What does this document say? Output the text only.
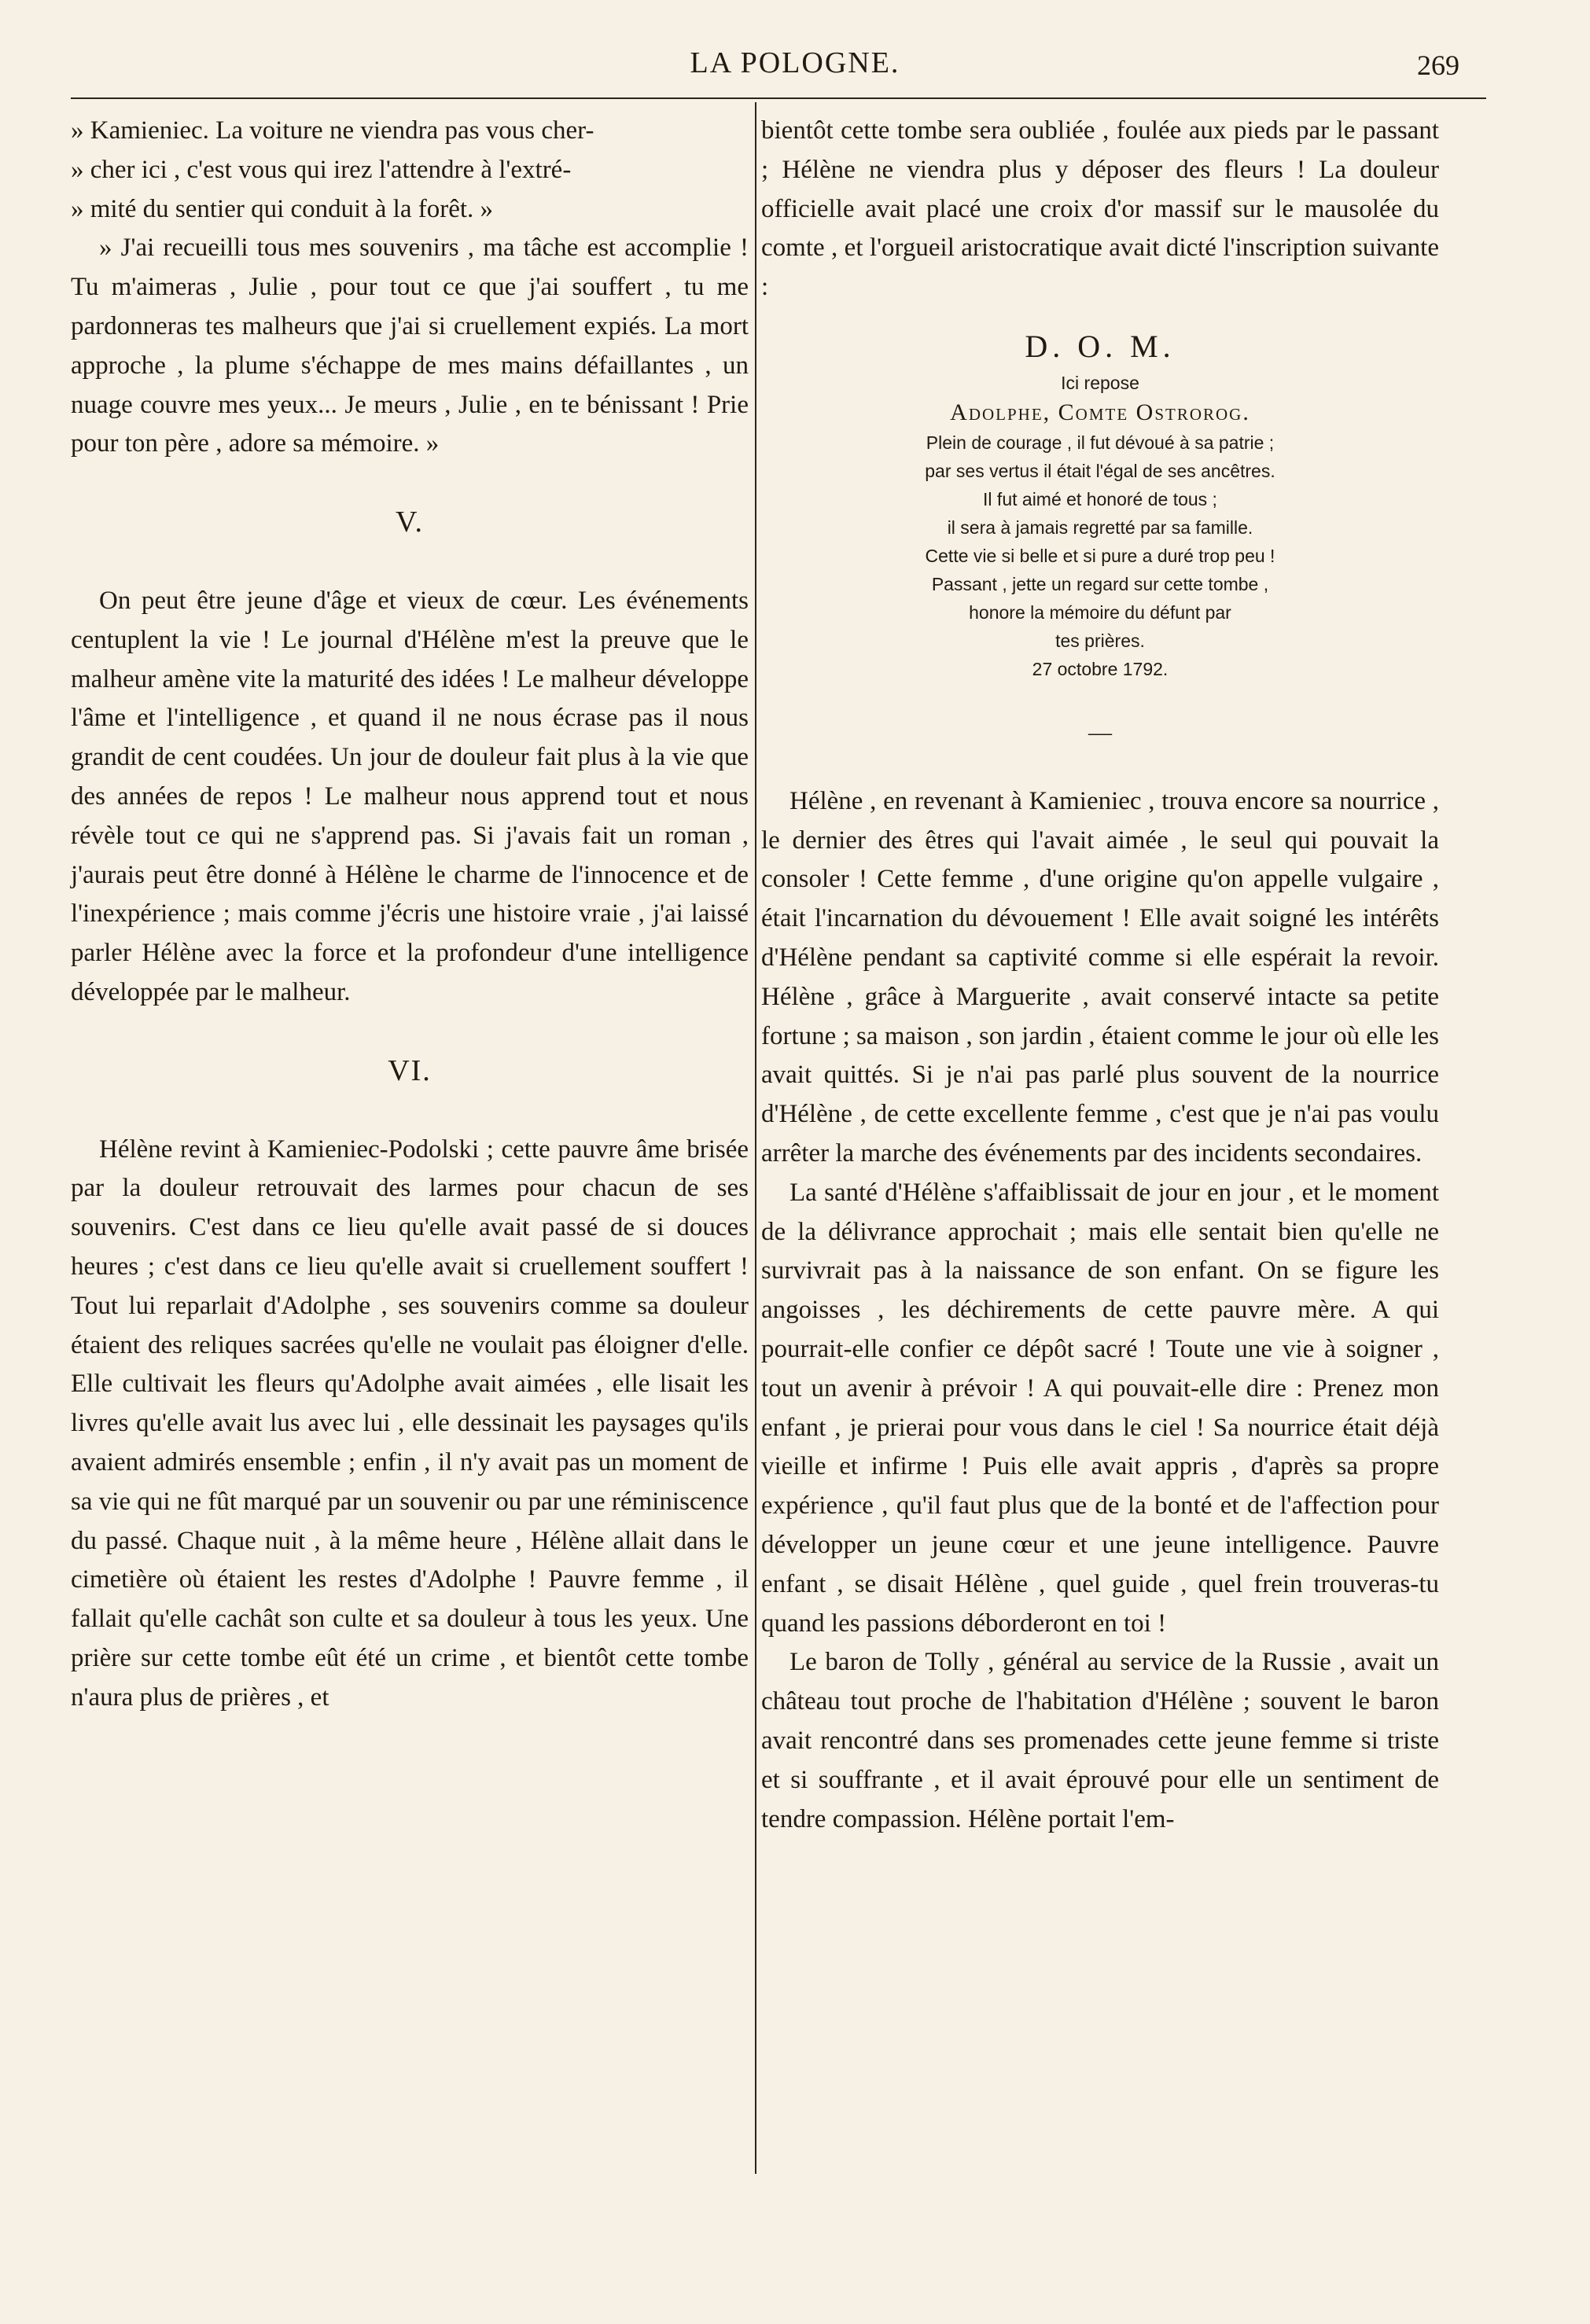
LA POLOGNE.	269

» Kamieniec. La voiture ne viendra pas vous cher-

» cher ici , c'est vous qui irez l'attendre à l'extré-

» mité du sentier qui conduit à la forêt. »

» J'ai recueilli tous mes souvenirs , ma tâche est accomplie ! Tu m'aimeras , Julie , pour tout ce que j'ai souffert , tu me pardonneras tes malheurs que j'ai si cruellement expiés. La mort approche , la plume s'échappe de mes mains défaillantes , un nuage couvre mes yeux... Je meurs , Julie , en te bénissant ! Prie pour ton père , adore sa mémoire. »

V.

On peut être jeune d'âge et vieux de cœur. Les événements centuplent la vie ! Le journal d'Hélène m'est la preuve que le malheur amène vite la maturité des idées ! Le malheur développe l'âme et l'intelligence , et quand il ne nous écrase pas il nous grandit de cent coudées. Un jour de douleur fait plus à la vie que des années de repos ! Le malheur nous apprend tout et nous révèle tout ce qui ne s'apprend pas. Si j'avais fait un roman , j'aurais peut être donné à Hélène le charme de l'innocence et de l'inexpérience ; mais comme j'écris une histoire vraie , j'ai laissé parler Hélène avec la force et la profondeur d'une intelligence développée par le malheur.

VI.

Hélène revint à Kamieniec-Podolski ; cette pauvre âme brisée par la douleur retrouvait des larmes pour chacun de ses souvenirs. C'est dans ce lieu qu'elle avait passé de si douces heures ; c'est dans ce lieu qu'elle avait si cruellement souffert ! Tout lui reparlait d'Adolphe , ses souvenirs comme sa douleur étaient des reliques sacrées qu'elle ne voulait pas éloigner d'elle. Elle cultivait les fleurs qu'Adolphe avait aimées , elle lisait les livres qu'elle avait lus avec lui , elle dessinait les paysages qu'ils avaient admirés ensemble ; enfin , il n'y avait pas un moment de sa vie qui ne fût marqué par un souvenir ou par une réminiscence du passé. Chaque nuit , à la même heure , Hélène allait dans le cimetière où étaient les restes d'Adolphe ! Pauvre femme , il fallait qu'elle cachât son culte et sa douleur à tous les yeux. Une prière sur cette tombe eût été un crime , et bientôt cette tombe n'aura plus de prières , et

bientôt cette tombe sera oubliée , foulée aux pieds par le passant ; Hélène ne viendra plus y déposer des fleurs ! La douleur officielle avait placé une croix d'or massif sur le mausolée du comte , et l'orgueil aristocratique avait dicté l'inscription suivante :

D. O. M.
Ici repose
Adolphe, Comte Ostrorog.
Plein de courage , il fut dévoué à sa patrie ;
par ses vertus il était l'égal de ses ancêtres.
Il fut aimé et honoré de tous ;
il sera à jamais regretté par sa famille.
Cette vie si belle et si pure a duré trop peu !
Passant , jette un regard sur cette tombe ,
honore la mémoire du défunt par
tes prières.
27 octobre 1792.
—

Hélène , en revenant à Kamieniec , trouva encore sa nourrice , le dernier des êtres qui l'avait aimée , le seul qui pouvait la consoler ! Cette femme , d'une origine qu'on appelle vulgaire , était l'incarnation du dévouement ! Elle avait soigné les intérêts d'Hélène pendant sa captivité comme si elle espérait la revoir. Hélène , grâce à Marguerite , avait conservé intacte sa petite fortune ; sa maison , son jardin , étaient comme le jour où elle les avait quittés. Si je n'ai pas parlé plus souvent de la nourrice d'Hélène , de cette excellente femme , c'est que je n'ai pas voulu arrêter la marche des événements par des incidents secondaires.

La santé d'Hélène s'affaiblissait de jour en jour , et le moment de la délivrance approchait ; mais elle sentait bien qu'elle ne survivrait pas à la naissance de son enfant. On se figure les angoisses , les déchirements de cette pauvre mère. A qui pourrait-elle confier ce dépôt sacré ! Toute une vie à soigner , tout un avenir à prévoir ! A qui pouvait-elle dire : Prenez mon enfant , je prierai pour vous dans le ciel ! Sa nourrice était déjà vieille et infirme ! Puis elle avait appris , d'après sa propre expérience , qu'il faut plus que de la bonté et de l'affection pour développer un jeune cœur et une jeune intelligence. Pauvre enfant , se disait Hélène , quel guide , quel frein trouveras-tu quand les passions déborderont en toi !

Le baron de Tolly , général au service de la Russie , avait un château tout proche de l'habitation d'Hélène ; souvent le baron avait rencontré dans ses promenades cette jeune femme si triste et si souffrante , et il avait éprouvé pour elle un sentiment de tendre compassion. Hélène portait l'em-
